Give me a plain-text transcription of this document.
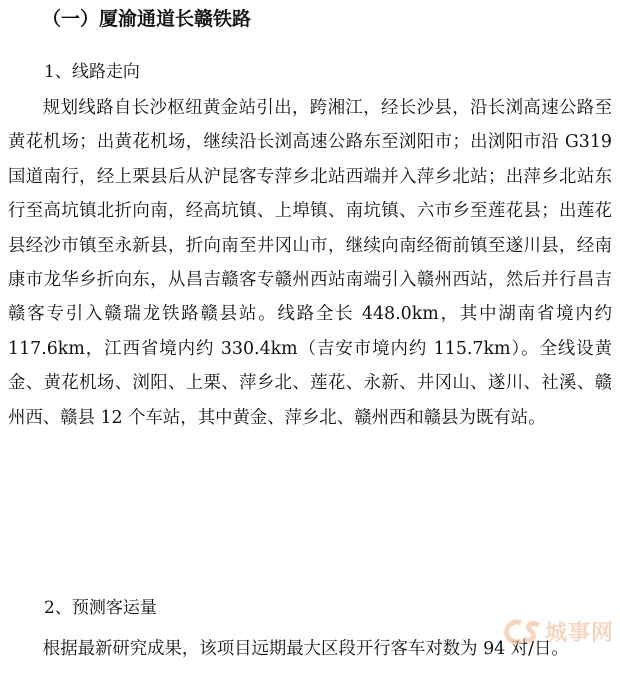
（一）厦渝通道长赣铁路
1、线路走向

规划线路自长沙枢纽黄金站引出，跨湘江，经长沙县，沿长浏高速公路至黄花机场；出黄花机场，继续沿长浏高速公路东至浏阳市；出浏阳市沿 G319 国道南行，经上栗县后从沪昆客专萍乡北站西端并入萍乡北站；出萍乡北站东行至高坑镇北折向南，经高坑镇、上埠镇、南坑镇、六市乡至莲花县；出莲花县经沙市镇至永新县，折向南至井冈山市，继续向南经衙前镇至遂川县，经南康市龙华乡折向东，从昌吉赣客专赣州西站南端引入赣州西站，然后并行昌吉赣客专引入赣瑞龙铁路赣县站。线路全长 448.0km，其中湖南省境内约 117.6km，江西省境内约 330.4km（吉安市境内约 115.7km）。全线设黄金、黄花机场、浏阳、上栗、萍乡北、莲花、永新、井冈山、遂川、社溪、赣州西、赣县 12 个车站，其中黄金、萍乡北、赣州西和赣县为既有站。

2、预测客运量

根据最新研究成果，该项目远期最大区段开行客车对数为 94 对/日。

城事网
